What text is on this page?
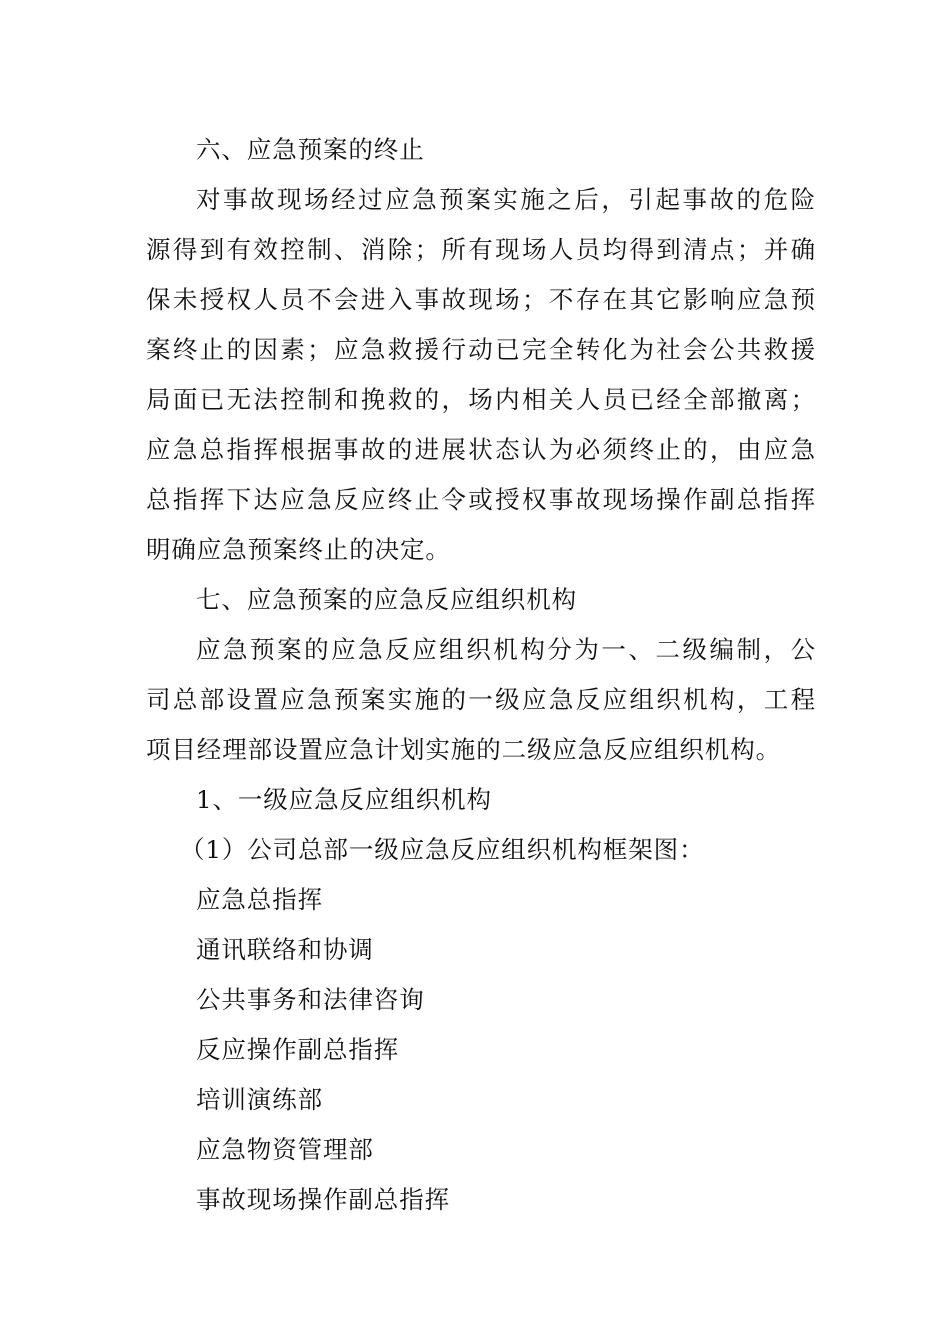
六、应急预案的终止
对事故现场经过应急预案实施之后，引起事故的危险
源得到有效控制、消除；所有现场人员均得到清点；并确
保未授权人员不会进入事故现场；不存在其它影响应急预
案终止的因素；应急救援行动已完全转化为社会公共救援
局面已无法控制和挽救的，场内相关人员已经全部撤离；
应急总指挥根据事故的进展状态认为必须终止的，由应急
总指挥下达应急反应终止令或授权事故现场操作副总指挥
明确应急预案终止的决定。
七、应急预案的应急反应组织机构
应急预案的应急反应组织机构分为一、二级编制，公
司总部设置应急预案实施的一级应急反应组织机构，工程
项目经理部设置应急计划实施的二级应急反应组织机构。
1、一级应急反应组织机构
（1）公司总部一级应急反应组织机构框架图：
应急总指挥
通讯联络和协调
公共事务和法律咨询
反应操作副总指挥
培训演练部
应急物资管理部
事故现场操作副总指挥
